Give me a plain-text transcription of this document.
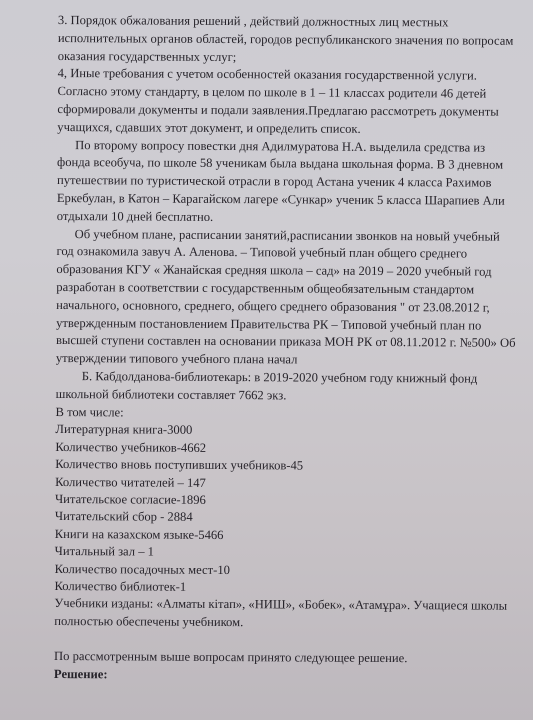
3. Порядок обжалования решений , действий должностных лиц местных исполнительных органов областей, городов республиканского значения по вопросам оказания государственных услуг;

4, Иные требования с учетом особенностей оказания государственной услуги. Согласно этому стандарту, в целом по школе в 1 – 11 классах родители 46 детей сформировали документы и подали заявления.Предлагаю рассмотреть документы учащихся, сдавших этот документ, и определить список.

По второму вопросу повестки дня Адилмуратова Н.А. выделила средства из фонда всеобуча, по школе 58 ученикам была выдана школьная форма. В 3 дневном путешествии по туристической отрасли в город Астана ученик 4 класса Рахимов Еркебулан, в Катон – Карагайском лагере «Сункар» ученик 5 класса Шарапиев Али отдыхали 10 дней бесплатно.

Об учебном плане, расписании занятий,расписании звонков на новый учебный год ознакомила завуч А. Аленова. – Типовой учебный план общего среднего образования КГУ « Жанайская средняя школа – сад» на 2019 – 2020 учебный год разработан в соответствии с государственным общеобязательным стандартом начального, основного, среднего, общего среднего образования " от 23.08.2012 г, утвержденным постановлением Правительства РК – Типовой учебный план по высшей ступени составлен на основании приказа МОН РК от 08.11.2012 г. №500» Об утверждении типового учебного плана начал

Б. Кабдолданова-библиотекарь: в 2019-2020 учебном году книжный фонд школьной библиотеки составляет 7662 экз.

В том числе:

Литературная книга-3000
Количество учебников-4662
Количество вновь поступивших учебников-45
Количество читателей – 147
Читательское согласие-1896
Читательский сбор - 2884
Книги на казахском языке-5466
Читальный зал – 1
Количество посадочных мест-10
Количество библиотек-1

Учебники изданы: «Алматы кітап», «НИШ», «Бобек», «Атамұра». Учащиеся школы полностью обеспечены учебником.

По рассмотренным выше вопросам принято следующее решение.

Решение:
